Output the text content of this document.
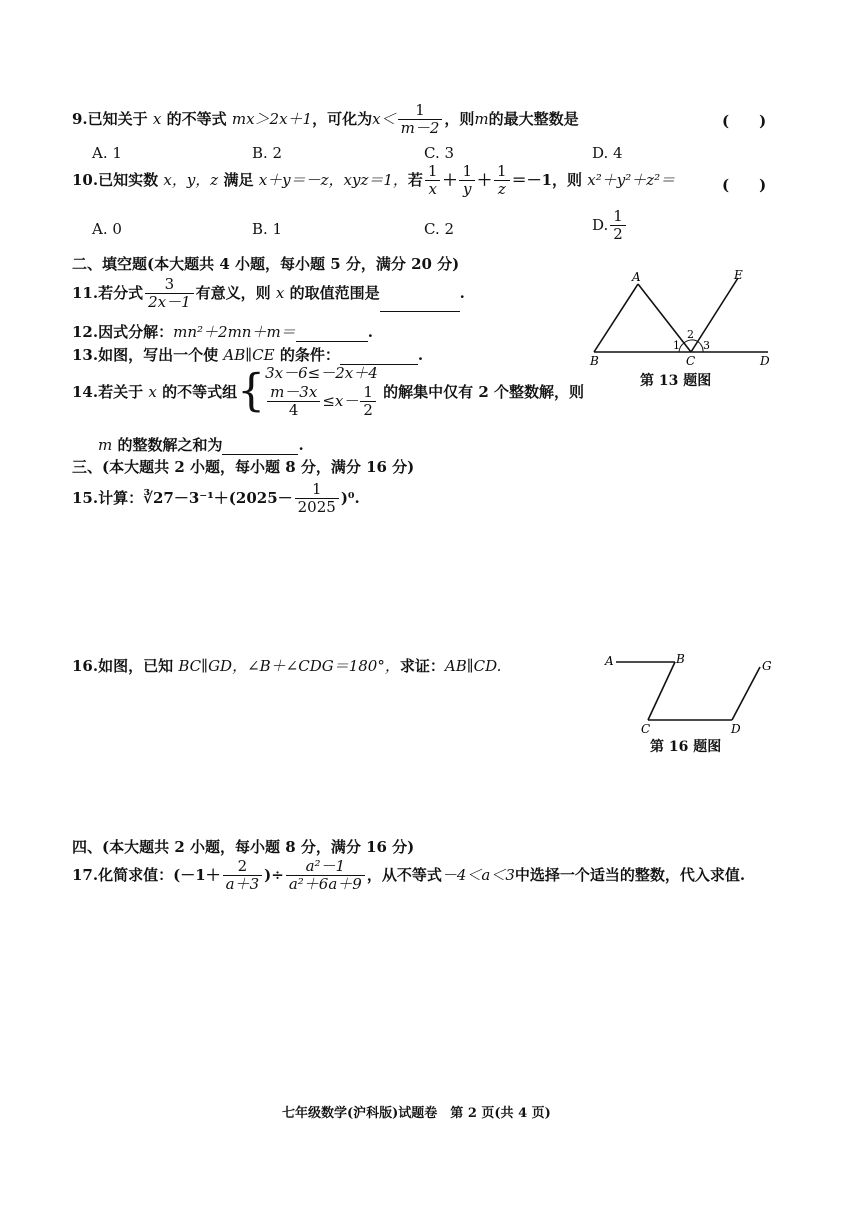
9.已知关于 x 的不等式 mx＞2x＋1，可化为$x< \frac{1}{m-2}$ ，则m的最大整数是	(　　)
A. 1	B. 2	C. 3	D. 4
10.已知实数 x，y，z 满足 x＋y＝－z，xyz＝1，若 $\frac{1}{x} + \frac{1}{y} + \frac{1}{z} =-1$，则 x²＋y²＋z²＝	(　　)
A. 0	B. 1	C. 2	D. $\frac{1}{2}$
二、填空题(本大题共 4 小题，每小题 5 分，满分 20 分)
11.若分式 $\frac{3}{2x-1}$ 有意义，则 x 的取值范围是	.
12.因式分解：mn²＋2mn＋m＝	.
13.如图，写出一个使 AB∥CE 的条件：	.
14.若关于 x 的不等式组{ 3x－6≤－2x＋4
$\frac{m-3x}{4} \le x- \frac{1}{2}$ 的解集中仅有 2 个整数解，则
m 的整数解之和为	.
A	E
B	C	D
1
2
3
第 13 题图
三、(本大题共 2 小题，每小题 8 分，满分 16 分)
15.计算：∛27－3⁻¹＋(2025－ $\frac{1}{2025} )^0$.
16.如图，已知 BC∥GD，∠B＋∠CDG＝180°，求证：AB∥CD.	A	B
C	D
G
第 16 题图
四、(本大题共 2 小题，每小题 8 分，满分 16 分)
17.化简求值：($-1+ \frac{2}{a+3}$ )÷ $\frac{\text{a²－1}}{\text{a²＋6a＋9}}$ ，从不等式－4＜a＜3中选择一个适当的整数，代入求值.
七年级数学(沪科版)试题卷　第 2 页(共 4 页)
